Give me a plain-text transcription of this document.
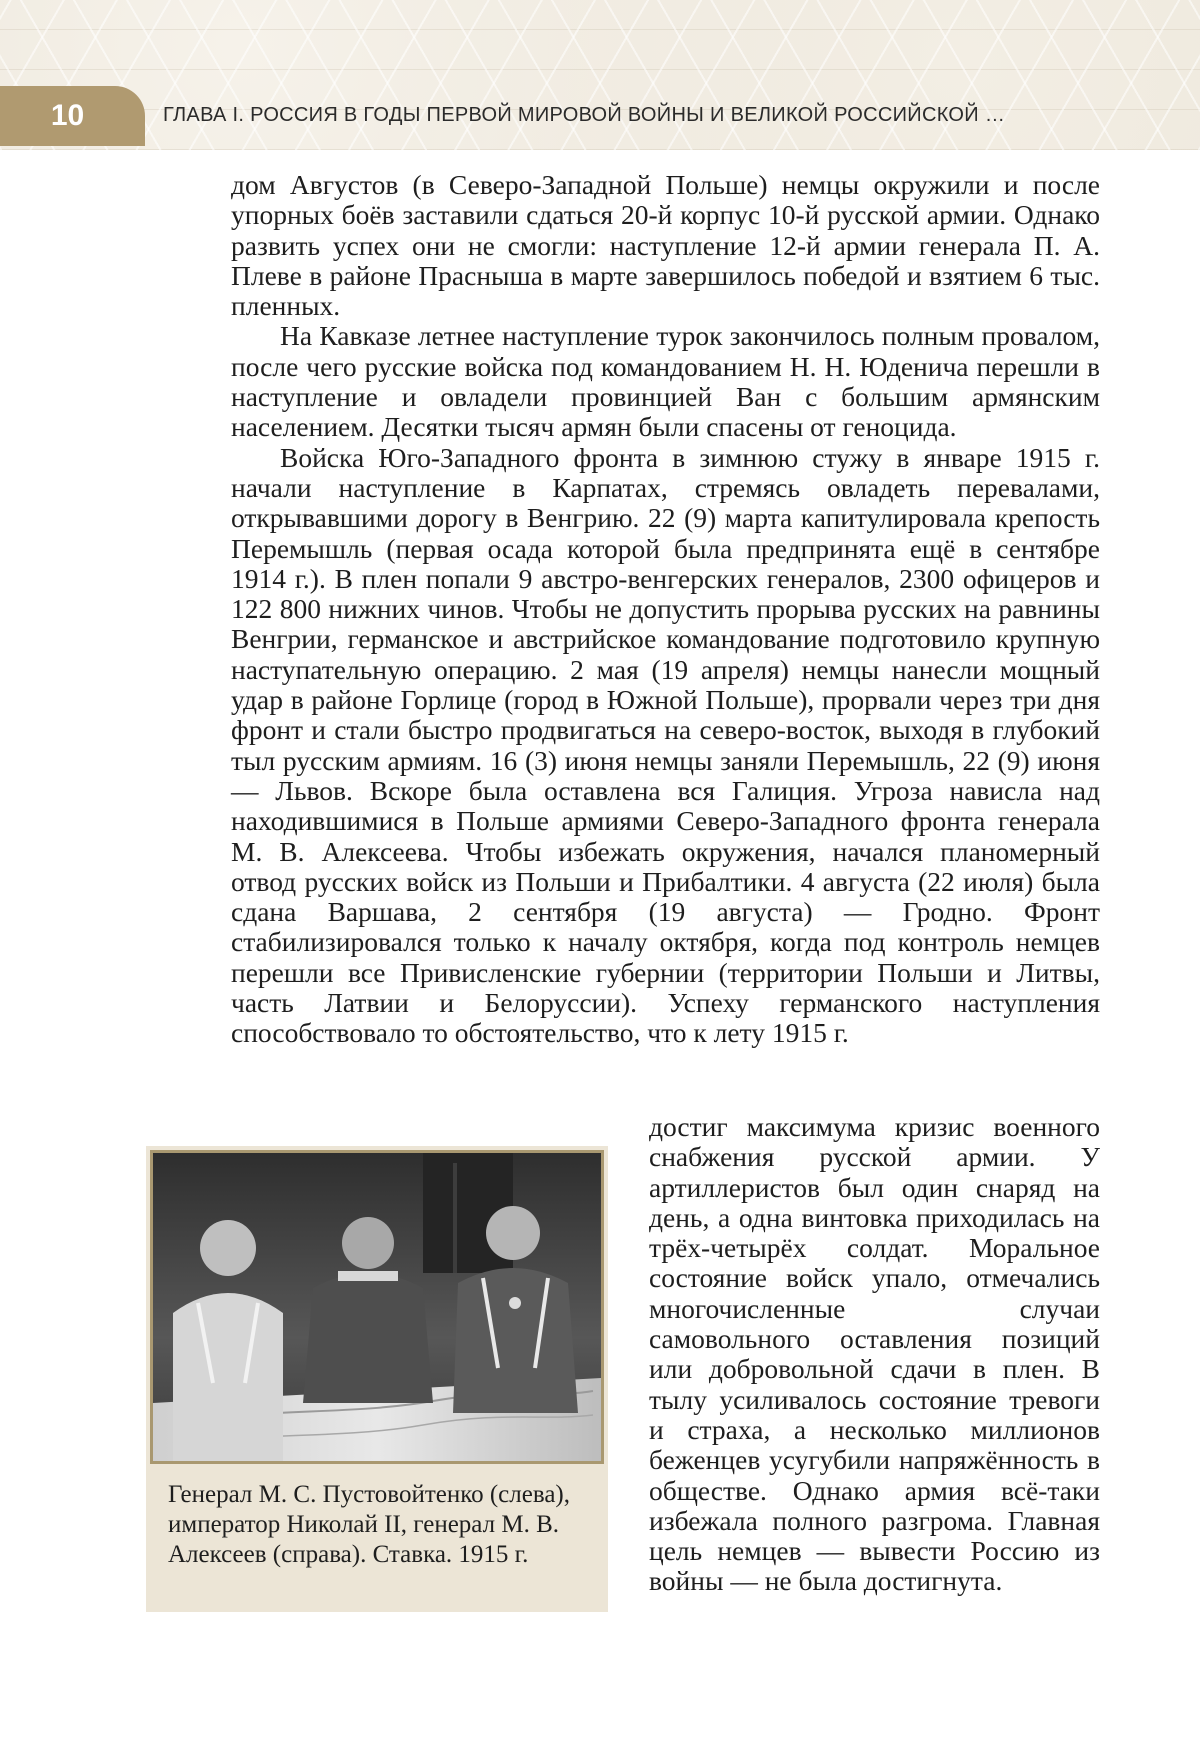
10	ГЛАВА I. РОССИЯ В ГОДЫ ПЕРВОЙ МИРОВОЙ ВОЙНЫ И ВЕЛИКОЙ РОССИЙСКОЙ …

дом Августов (в Северо-Западной Польше) немцы окружили и после упорных боёв заставили сдаться 20-й корпус 10-й русской армии. Однако развить успех они не смогли: наступление 12-й армии генерала П. А. Плеве в районе Прасныша в марте завершилось победой и взятием 6 тыс. пленных.

На Кавказе летнее наступление турок закончилось полным провалом, после чего русские войска под командованием Н. Н. Юденича перешли в наступление и овладели провинцией Ван с большим армянским населением. Десятки тысяч армян были спасены от геноцида.

Войска Юго-Западного фронта в зимнюю стужу в январе 1915 г. начали наступление в Карпатах, стремясь овладеть перевалами, открывавшими дорогу в Венгрию. 22 (9) марта капитулировала крепость Перемышль (первая осада которой была предпринята ещё в сентябре 1914 г.). В плен попали 9 австро-венгерских генералов, 2300 офицеров и 122 800 нижних чинов. Чтобы не допустить прорыва русских на равнины Венгрии, германское и австрийское командование подготовило крупную наступательную операцию. 2 мая (19 апреля) немцы нанесли мощный удар в районе Горлице (город в Южной Польше), прорвали через три дня фронт и стали быстро продвигаться на северо-восток, выходя в глубокий тыл русским армиям. 16 (3) июня немцы заняли Перемышль, 22 (9) июня — Львов. Вскоре была оставлена вся Галиция. Угроза нависла над находившимися в Польше армиями Северо-Западного фронта генерала М. В. Алексеева. Чтобы избежать окружения, начался планомерный отвод русских войск из Польши и Прибалтики. 4 августа (22 июля) была сдана Варшава, 2 сентября (19 августа) — Гродно. Фронт стабилизировался только к началу октября, когда под контроль немцев перешли все Привисленские губернии (территории Польши и Литвы, часть Латвии и Белоруссии). Успеху германского наступления способствовало то обстоятельство, что к лету 1915 г.

достиг максимума кризис военного снабжения русской армии. У артиллеристов был один снаряд на день, а одна винтовка приходилась на трёх-четырёх солдат. Моральное состояние войск упало, отмечались многочисленные случаи самовольного оставления позиций или добровольной сдачи в плен. В тылу усиливалось состояние тревоги и страха, а несколько миллионов беженцев усугубили напряжённость в обществе. Однако армия всё-таки избежала полного разгрома. Главная цель немцев — вывести Россию из войны — не была достигнута.

Генерал М. С. Пустовойтенко (слева), император Николай II, генерал М. В. Алексеев (справа). Ставка. 1915 г.
